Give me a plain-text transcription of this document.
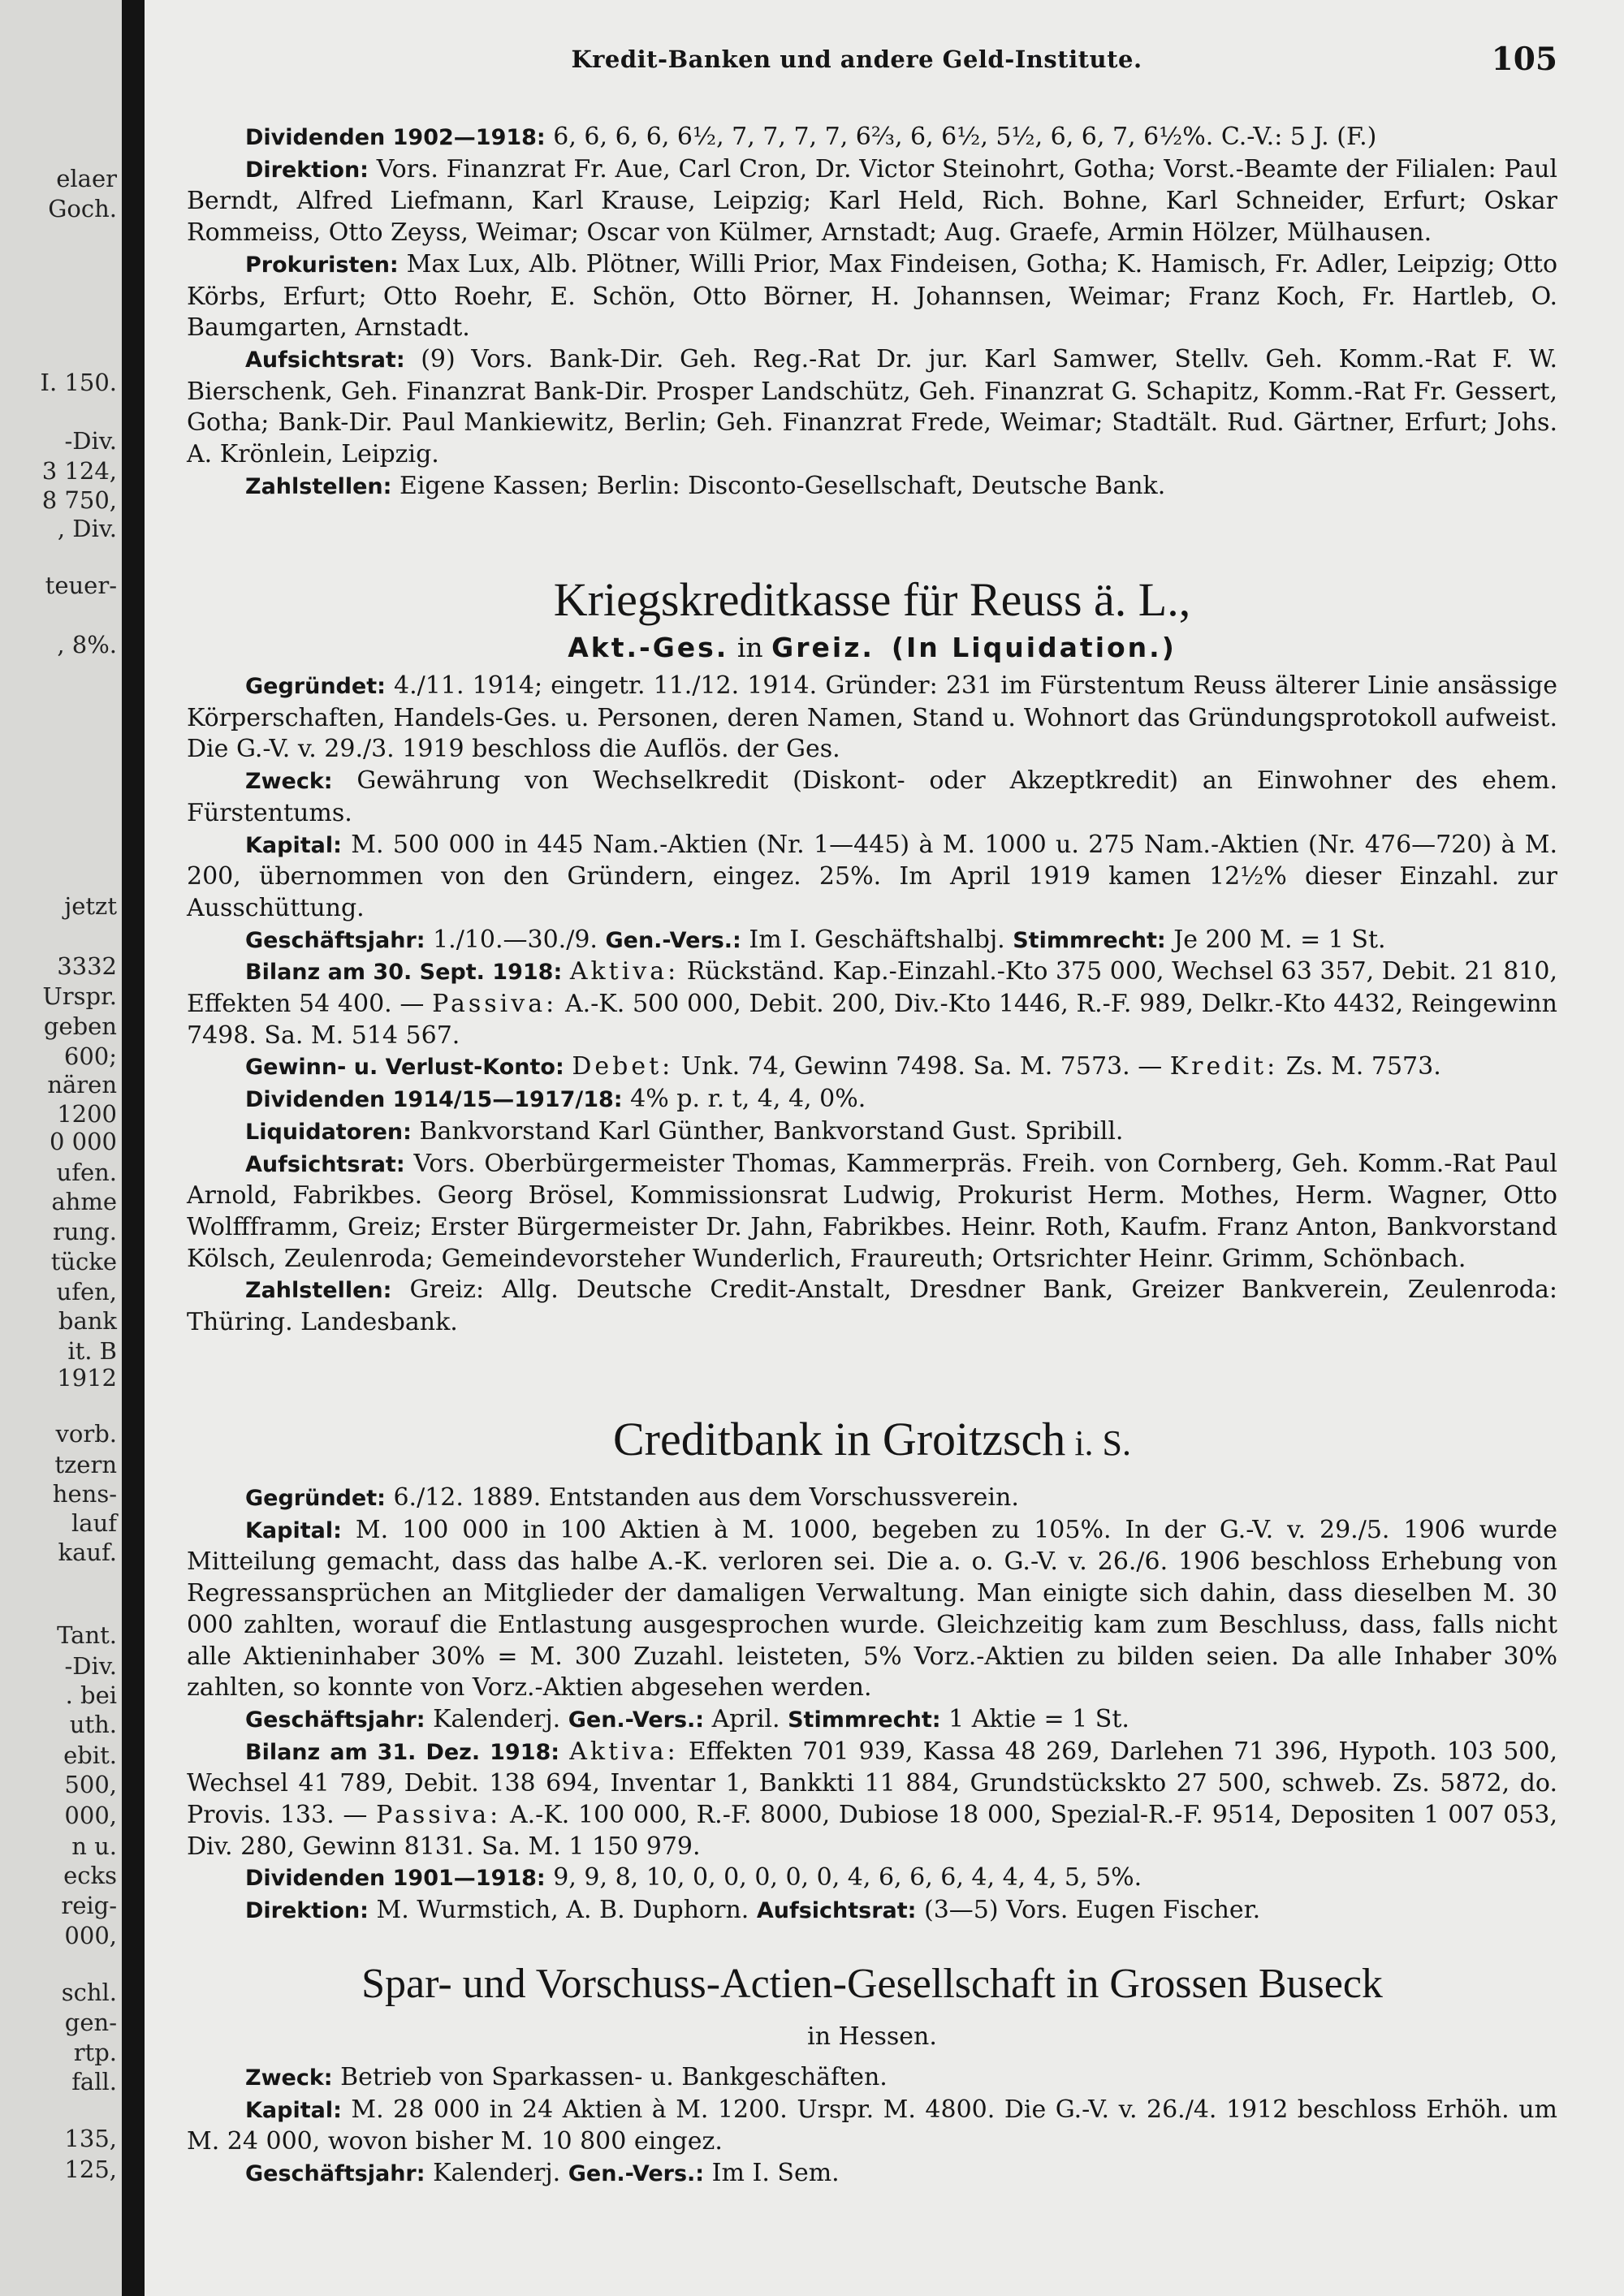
elaer
Goch.
I. 150.
-Div.
3 124,
8 750,
, Div.
teuer-
, 8%.
jetzt
3332
Urspr.
geben
600;
nären
1200
0 000
ufen.
ahme
rung.
tücke
ufen,
bank
it. B
1912
vorb.
tzern
hens-
lauf
kauf.
Tant.
-Div.
. bei
uth.
ebit.
500,
000,
n u.
ecks
reig-
000,
schl.
gen-
rtp.
fall.
135,
125,
Kredit-Banken und andere Geld-Institute.	105

Dividenden 1902—1918: 6, 6, 6, 6, 6½, 7, 7, 7, 7, 6⅔, 6, 6½, 5½, 6, 6, 7, 6½%. C.-V.: 5 J. (F.)

Direktion: Vors. Finanzrat Fr. Aue, Carl Cron, Dr. Victor Steinohrt, Gotha; Vorst.-Beamte der Filialen: Paul Berndt, Alfred Liefmann, Karl Krause, Leipzig; Karl Held, Rich. Bohne, Karl Schneider, Erfurt; Oskar Rommeiss, Otto Zeyss, Weimar; Oscar von Külmer, Arnstadt; Aug. Graefe, Armin Hölzer, Mülhausen.

Prokuristen: Max Lux, Alb. Plötner, Willi Prior, Max Findeisen, Gotha; K. Hamisch, Fr. Adler, Leipzig; Otto Körbs, Erfurt; Otto Roehr, E. Schön, Otto Börner, H. Johannsen, Weimar; Franz Koch, Fr. Hartleb, O. Baumgarten, Arnstadt.

Aufsichtsrat: (9) Vors. Bank-Dir. Geh. Reg.-Rat Dr. jur. Karl Samwer, Stellv. Geh. Komm.-Rat F. W. Bierschenk, Geh. Finanzrat Bank-Dir. Prosper Landschütz, Geh. Finanzrat G. Schapitz, Komm.-Rat Fr. Gessert, Gotha; Bank-Dir. Paul Mankiewitz, Berlin; Geh. Finanzrat Frede, Weimar; Stadtält. Rud. Gärtner, Erfurt; Johs. A. Krönlein, Leipzig.

Zahlstellen: Eigene Kassen; Berlin: Disconto-Gesellschaft, Deutsche Bank.

Kriegskreditkasse für Reuss ä. L.,
Akt.-Ges. in Greiz. (In Liquidation.)

Gegründet: 4./11. 1914; eingetr. 11./12. 1914. Gründer: 231 im Fürstentum Reuss älterer Linie ansässige Körperschaften, Handels-Ges. u. Personen, deren Namen, Stand u. Wohnort das Gründungsprotokoll aufweist. Die G.-V. v. 29./3. 1919 beschloss die Auflös. der Ges.

Zweck: Gewährung von Wechselkredit (Diskont- oder Akzeptkredit) an Einwohner des ehem. Fürstentums.

Kapital: M. 500 000 in 445 Nam.-Aktien (Nr. 1—445) à M. 1000 u. 275 Nam.-Aktien (Nr. 476—720) à M. 200, übernommen von den Gründern, eingez. 25%. Im April 1919 kamen 12½% dieser Einzahl. zur Ausschüttung.

Geschäftsjahr: 1./10.—30./9. Gen.-Vers.: Im I. Geschäftshalbj. Stimmrecht: Je 200 M. = 1 St.

Bilanz am 30. Sept. 1918: Aktiva: Rückständ. Kap.-Einzahl.-Kto 375 000, Wechsel 63 357, Debit. 21 810, Effekten 54 400. — Passiva: A.-K. 500 000, Debit. 200, Div.-Kto 1446, R.-F. 989, Delkr.-Kto 4432, Reingewinn 7498. Sa. M. 514 567.

Gewinn- u. Verlust-Konto: Debet: Unk. 74, Gewinn 7498. Sa. M. 7573. — Kredit: Zs. M. 7573.

Dividenden 1914/15—1917/18: 4% p. r. t, 4, 4, 0%.

Liquidatoren: Bankvorstand Karl Günther, Bankvorstand Gust. Spribill.

Aufsichtsrat: Vors. Oberbürgermeister Thomas, Kammerpräs. Freih. von Cornberg, Geh. Komm.-Rat Paul Arnold, Fabrikbes. Georg Brösel, Kommissionsrat Ludwig, Prokurist Herm. Mothes, Herm. Wagner, Otto Wolffframm, Greiz; Erster Bürgermeister Dr. Jahn, Fabrikbes. Heinr. Roth, Kaufm. Franz Anton, Bankvorstand Kölsch, Zeulenroda; Gemeindevorsteher Wunderlich, Fraureuth; Ortsrichter Heinr. Grimm, Schönbach.

Zahlstellen: Greiz: Allg. Deutsche Credit-Anstalt, Dresdner Bank, Greizer Bankverein, Zeulenroda: Thüring. Landesbank.

Creditbank in Groitzsch i. S.

Gegründet: 6./12. 1889. Entstanden aus dem Vorschussverein.

Kapital: M. 100 000 in 100 Aktien à M. 1000, begeben zu 105%. In der G.-V. v. 29./5. 1906 wurde Mitteilung gemacht, dass das halbe A.-K. verloren sei. Die a. o. G.-V. v. 26./6. 1906 beschloss Erhebung von Regressansprüchen an Mitglieder der damaligen Verwaltung. Man einigte sich dahin, dass dieselben M. 30 000 zahlten, worauf die Entlastung ausgesprochen wurde. Gleichzeitig kam zum Beschluss, dass, falls nicht alle Aktieninhaber 30% = M. 300 Zuzahl. leisteten, 5% Vorz.-Aktien zu bilden seien. Da alle Inhaber 30% zahlten, so konnte von Vorz.-Aktien abgesehen werden.

Geschäftsjahr: Kalenderj. Gen.-Vers.: April. Stimmrecht: 1 Aktie = 1 St.

Bilanz am 31. Dez. 1918: Aktiva: Effekten 701 939, Kassa 48 269, Darlehen 71 396, Hypoth. 103 500, Wechsel 41 789, Debit. 138 694, Inventar 1, Bankkti 11 884, Grundstückskto 27 500, schweb. Zs. 5872, do. Provis. 133. — Passiva: A.-K. 100 000, R.-F. 8000, Dubiose 18 000, Spezial-R.-F. 9514, Depositen 1 007 053, Div. 280, Gewinn 8131. Sa. M. 1 150 979.

Dividenden 1901—1918: 9, 9, 8, 10, 0, 0, 0, 0, 0, 4, 6, 6, 6, 4, 4, 4, 5, 5%.

Direktion: M. Wurmstich, A. B. Duphorn. Aufsichtsrat: (3—5) Vors. Eugen Fischer.

Spar- und Vorschuss-Actien-Gesellschaft in Grossen Buseck
in Hessen.

Zweck: Betrieb von Sparkassen- u. Bankgeschäften.

Kapital: M. 28 000 in 24 Aktien à M. 1200. Urspr. M. 4800. Die G.-V. v. 26./4. 1912 beschloss Erhöh. um M. 24 000, wovon bisher M. 10 800 eingez.

Geschäftsjahr: Kalenderj. Gen.-Vers.: Im I. Sem.
